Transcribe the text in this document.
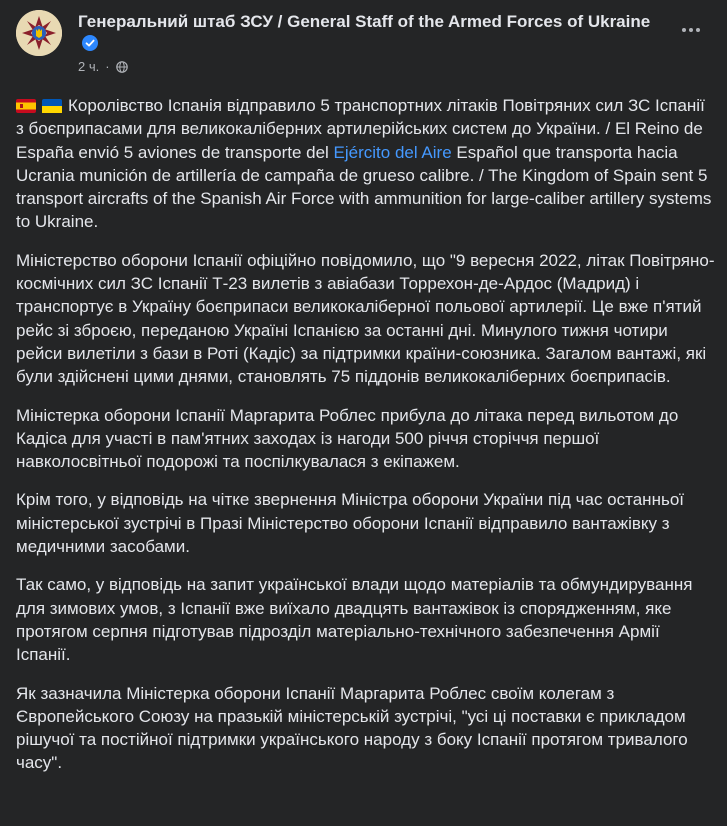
Генеральний штаб ЗСУ / General Staff of the Armed Forces of Ukraine
2 ч. ·

Королівство Іспанія відправило 5 транспортних літаків Повітряних сил ЗС Іспанії з боєприпасами для великокаліберних артилерійських систем до України. / El Reino de España envió 5 aviones de transporte del Ejército del Aire Español que transporta hacia Ucrania munición de artillería de campaña de grueso calibre. / The Kingdom of Spain sent 5 transport aircrafts of the Spanish Air Force with ammunition for large-caliber artillery systems to Ukraine.

Міністерство оборони Іспанії офіційно повідомило, що "9 вересня 2022, літак Повітряно-космічних сил ЗС Іспанії Т-23 вилетів з авіабази Торрехон-де-Ардос (Мадрид) і транспортує в Україну боєприпаси великокаліберної польової артилерії. Це вже п'ятий рейс зі зброєю, переданою Україні Іспанією за останні дні. Минулого тижня чотири рейси вилетіли з бази в Роті (Кадіс) за підтримки країни-союзника. Загалом вантажі, які були здійснені цими днями, становлять 75 піддонів великокаліберних боєприпасів.

Міністерка оборони Іспанії Маргарита Роблес прибула до літака перед вильотом до Кадіса для участі в пам'ятних заходах із нагоди 500 річчя сторіччя першої навколосвітньої подорожі та поспілкувалася з екіпажем.

Крім того, у відповідь на чітке звернення Міністра оборони України під час останньої міністерської зустрічі в Празі Міністерство оборони Іспанії відправило вантажівку з медичними засобами.

Так само, у відповідь на запит української влади щодо матеріалів та обмундирування для зимових умов, з Іспанії вже виїхало двадцять вантажівок із спорядженням, яке протягом серпня підготував підрозділ матеріально-технічного забезпечення Армії Іспанії.

Як зазначила Міністерка оборони Іспанії Маргарита Роблес своїм колегам з Європейського Союзу на празькій міністерській зустрічі, "усі ці поставки є прикладом рішучої та постійної підтримки українського народу з боку Іспанії протягом тривалого часу".
